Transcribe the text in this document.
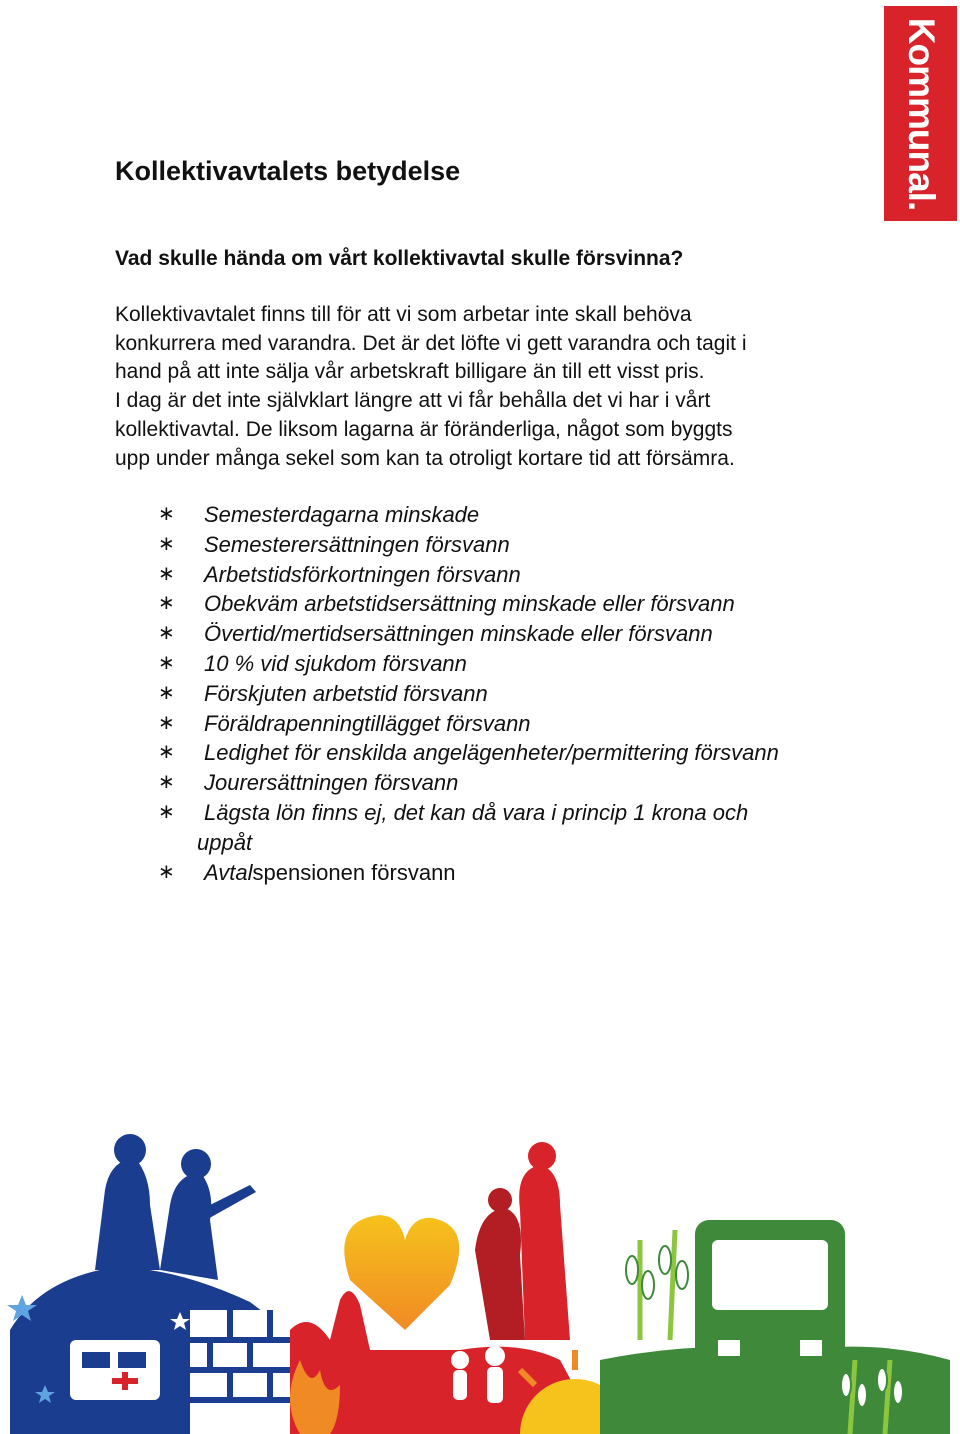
Kommunal.
Kollektivavtalets betydelse
Vad skulle hända om vårt kollektivavtal skulle försvinna?

Kollektivavtalet finns till för att vi som arbetar inte skall behöva
konkurrera med varandra. Det är det löfte vi gett varandra och tagit i
hand på att inte sälja vår arbetskraft billigare än till ett visst pris.
I dag är det inte självklart längre att vi får behålla det vi har i vårt
kollektivavtal. De liksom lagarna är föränderliga, något som byggts
upp under många sekel som kan ta otroligt kortare tid att försämra.

∗ Semesterdagarna minskade
∗ Semesterersättningen försvann
∗ Arbetstidsförkortningen försvann
∗ Obekväm arbetstidsersättning minskade eller försvann
∗ Övertid/mertidsersättningen minskade eller försvann
∗ 10 % vid sjukdom försvann
∗ Förskjuten arbetstid försvann
∗ Föräldrapenningtillägget försvann
∗ Ledighet för enskilda angelägenheter/permittering försvann
∗ Jourersättningen försvann
∗ Lägsta lön finns ej, det kan då vara i princip 1 krona och
uppåt
∗ Avtalspensionen försvann
